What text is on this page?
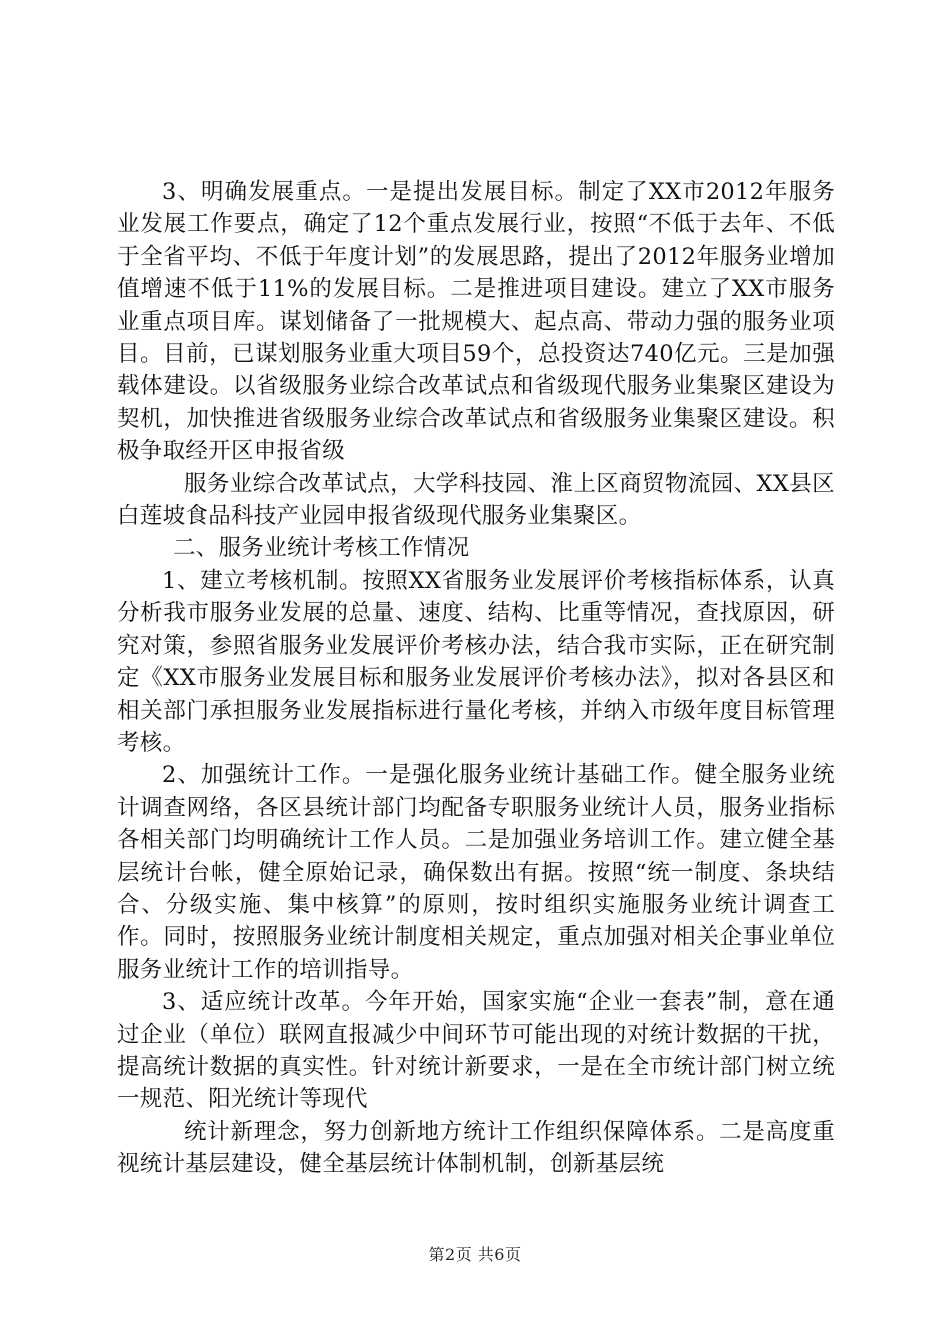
3、明确发展重点。一是提出发展目标。制定了XX市2012年服务业发展工作要点，确定了12个重点发展行业，按照“不低于去年、不低于全省平均、不低于年度计划”的发展思路，提出了2012年服务业增加值增速不低于11%的发展目标。二是推进项目建设。建立了XX市服务业重点项目库。谋划储备了一批规模大、起点高、带动力强的服务业项目。目前，已谋划服务业重大项目59个，总投资达740亿元。三是加强载体建设。以省级服务业综合改革试点和省级现代服务业集聚区建设为契机，加快推进省级服务业综合改革试点和省级服务业集聚区建设。积极争取经开区申报省级

服务业综合改革试点，大学科技园、淮上区商贸物流园、XX县区白莲坡食品科技产业园申报省级现代服务业集聚区。

二、服务业统计考核工作情况

1、建立考核机制。按照XX省服务业发展评价考核指标体系，认真分析我市服务业发展的总量、速度、结构、比重等情况，查找原因，研究对策，参照省服务业发展评价考核办法，结合我市实际，正在研究制定《XX市服务业发展目标和服务业发展评价考核办法》，拟对各县区和相关部门承担服务业发展指标进行量化考核，并纳入市级年度目标管理考核。

2、加强统计工作。一是强化服务业统计基础工作。健全服务业统计调查网络，各区县统计部门均配备专职服务业统计人员，服务业指标各相关部门均明确统计工作人员。二是加强业务培训工作。建立健全基层统计台帐，健全原始记录，确保数出有据。按照“统一制度、条块结合、分级实施、集中核算”的原则，按时组织实施服务业统计调查工作。同时，按照服务业统计制度相关规定，重点加强对相关企事业单位服务业统计工作的培训指导。

3、适应统计改革。今年开始，国家实施“企业一套表”制，意在通过企业（单位）联网直报减少中间环节可能出现的对统计数据的干扰，提高统计数据的真实性。针对统计新要求，一是在全市统计部门树立统一规范、阳光统计等现代

统计新理念，努力创新地方统计工作组织保障体系。二是高度重视统计基层建设，健全基层统计体制机制，创新基层统

第2页 共6页
